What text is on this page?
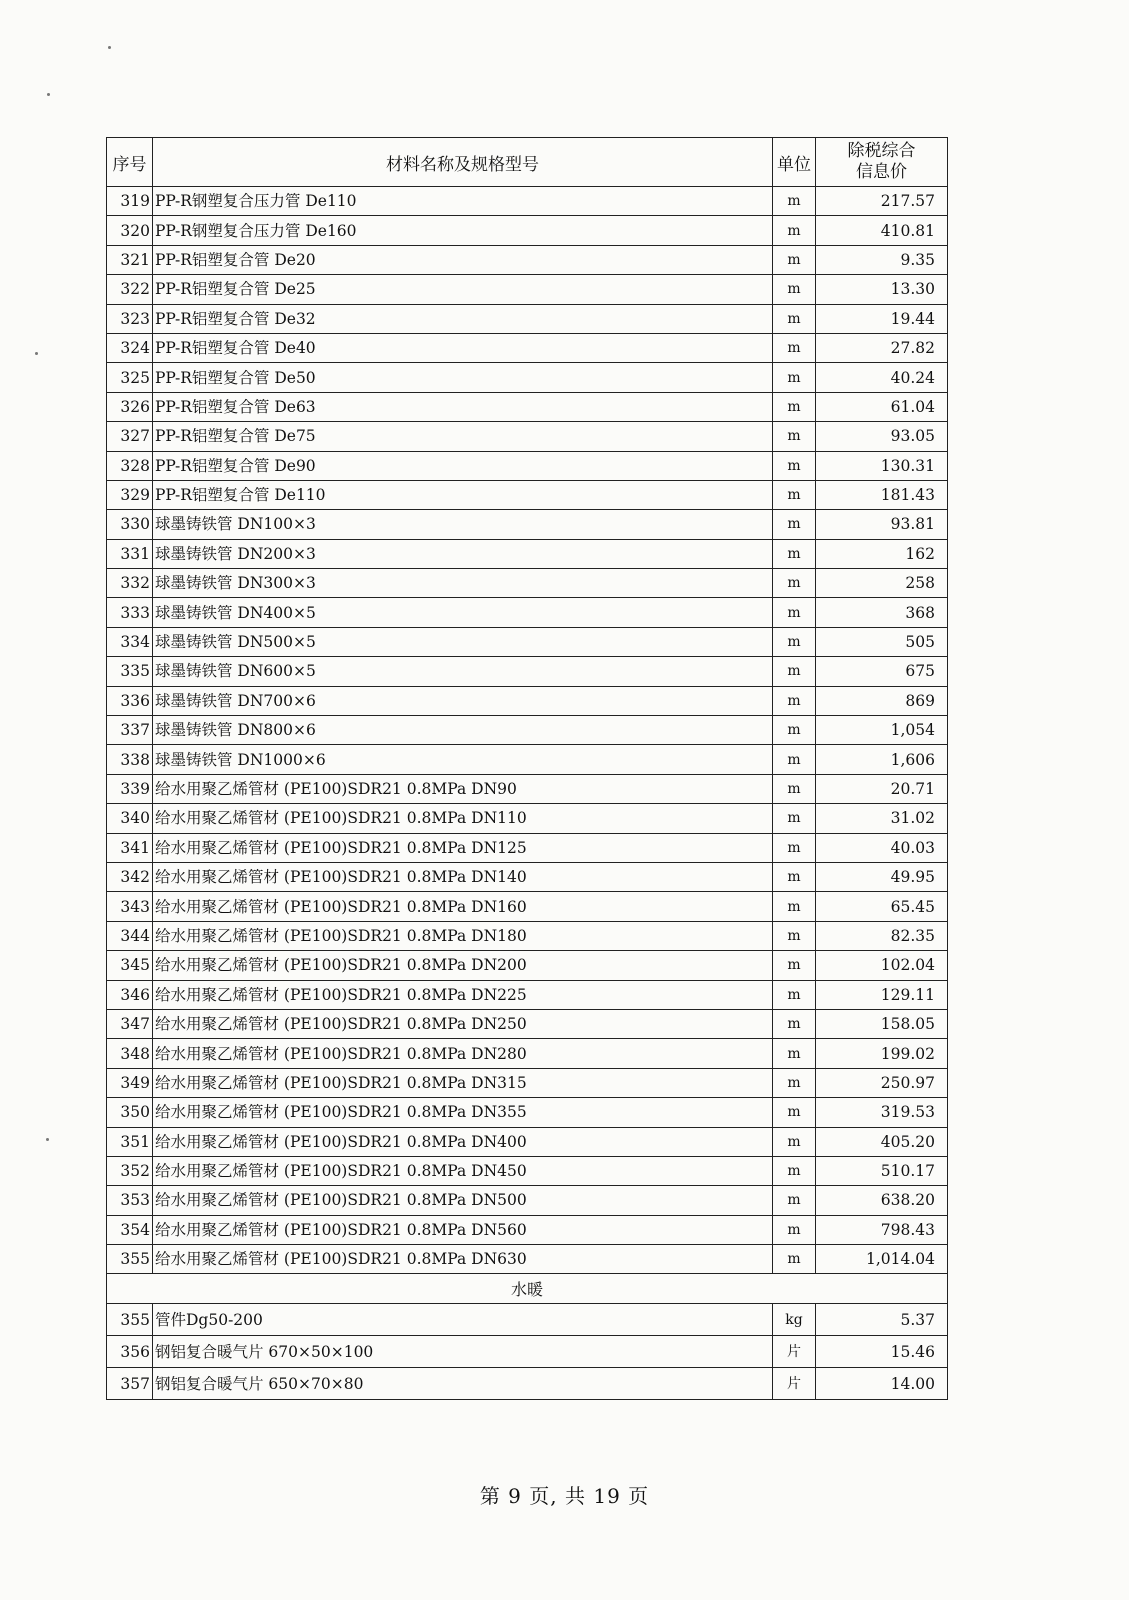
序号	材料名称及规格型号	单位	除税综合
信息价

319	PP-R钢塑复合压力管 De110	m	217.57
320	PP-R钢塑复合压力管 De160	m	410.81
321	PP-R铝塑复合管 De20	m	9.35
322	PP-R铝塑复合管 De25	m	13.30
323	PP-R铝塑复合管 De32	m	19.44
324	PP-R铝塑复合管 De40	m	27.82
325	PP-R铝塑复合管 De50	m	40.24
326	PP-R铝塑复合管 De63	m	61.04
327	PP-R铝塑复合管 De75	m	93.05
328	PP-R铝塑复合管 De90	m	130.31
329	PP-R铝塑复合管 De110	m	181.43
330	球墨铸铁管 DN100×3	m	93.81
331	球墨铸铁管 DN200×3	m	162
332	球墨铸铁管 DN300×3	m	258
333	球墨铸铁管 DN400×5	m	368
334	球墨铸铁管 DN500×5	m	505
335	球墨铸铁管 DN600×5	m	675
336	球墨铸铁管 DN700×6	m	869
337	球墨铸铁管 DN800×6	m	1,054
338	球墨铸铁管 DN1000×6	m	1,606
339	给水用聚乙烯管材 (PE100)SDR21 0.8MPa DN90	m	20.71
340	给水用聚乙烯管材 (PE100)SDR21 0.8MPa DN110	m	31.02
341	给水用聚乙烯管材 (PE100)SDR21 0.8MPa DN125	m	40.03
342	给水用聚乙烯管材 (PE100)SDR21 0.8MPa DN140	m	49.95
343	给水用聚乙烯管材 (PE100)SDR21 0.8MPa DN160	m	65.45
344	给水用聚乙烯管材 (PE100)SDR21 0.8MPa DN180	m	82.35
345	给水用聚乙烯管材 (PE100)SDR21 0.8MPa DN200	m	102.04
346	给水用聚乙烯管材 (PE100)SDR21 0.8MPa DN225	m	129.11
347	给水用聚乙烯管材 (PE100)SDR21 0.8MPa DN250	m	158.05
348	给水用聚乙烯管材 (PE100)SDR21 0.8MPa DN280	m	199.02
349	给水用聚乙烯管材 (PE100)SDR21 0.8MPa DN315	m	250.97
350	给水用聚乙烯管材 (PE100)SDR21 0.8MPa DN355	m	319.53
351	给水用聚乙烯管材 (PE100)SDR21 0.8MPa DN400	m	405.20
352	给水用聚乙烯管材 (PE100)SDR21 0.8MPa DN450	m	510.17
353	给水用聚乙烯管材 (PE100)SDR21 0.8MPa DN500	m	638.20
354	给水用聚乙烯管材 (PE100)SDR21 0.8MPa DN560	m	798.43
355	给水用聚乙烯管材 (PE100)SDR21 0.8MPa DN630	m	1,014.04
水暖			
355	管件Dg50-200	kg	5.37
356	钢铝复合暖气片 670×50×100	片	15.46
357	钢铝复合暖气片 650×70×80	片	14.00
第 9 页, 共 19 页
